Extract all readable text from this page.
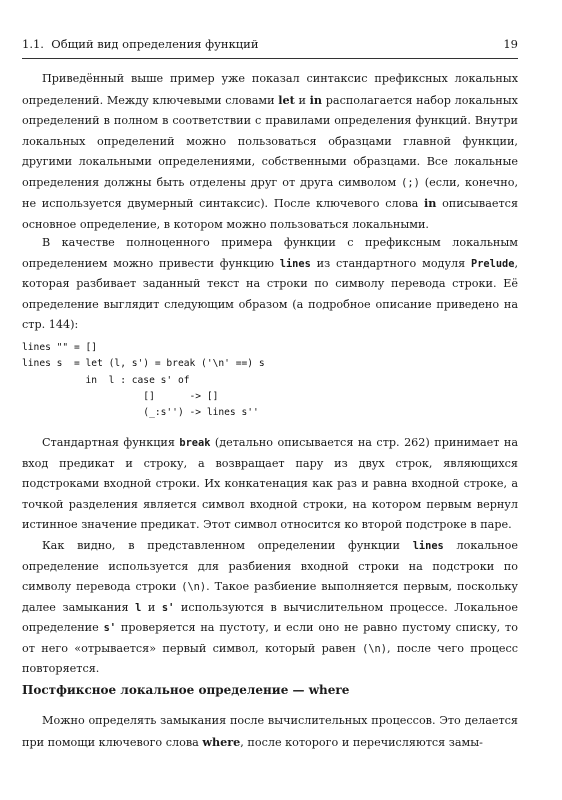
1.1. Общий вид определения функций	19

Приведённый выше пример уже показал синтаксис префиксных локальных определений. Между ключевыми словами let и in располагается набор локальных определений в полном в соответствии с правилами определения функций. Внутри локальных определений можно пользоваться образцами главной функции, другими локальными определениями, собственными образцами. Все локальные определения должны быть отделены друг от друга символом (;) (если, конечно, не используется двумерный синтаксис). После ключевого слова in описывается основное определение, в котором можно пользоваться локальными.

В качестве полноценного примера функции с префиксным локальным определением можно привести функцию lines из стандартного модуля Prelude, которая разбивает заданный текст на строки по символу перевода строки. Её определение выглядит следующим образом (а подробное описание приведено на стр. 144):

lines "" = []
lines s  = let (l, s') = break ('\n' ==) s
in  l : case s' of
[]      -> []
(_:s'') -> lines s''

Стандартная функция break (детально описывается на стр. 262) принимает на вход предикат и строку, а возвращает пару из двух строк, являющихся подстроками входной строки. Их конкатенация как раз и равна входной строке, а точкой разделения является символ входной строки, на котором первым вернул истинное значение предикат. Этот символ относится ко второй подстроке в паре.

Как видно, в представленном определении функции lines локальное определение используется для разбиения входной строки на подстроки по символу перевода строки (\n). Такое разбиение выполняется первым, поскольку далее замыкания l и s' используются в вычислительном процессе. Локальное определение s' проверяется на пустоту, и если оно не равно пустому списку, то от него «отрывается» первый символ, который равен (\n), после чего процесс повторяется.

Постфиксное локальное определение — where

Можно определять замыкания после вычислительных процессов. Это делается при помощи ключевого слова where, после которого и перечисляются замы-
